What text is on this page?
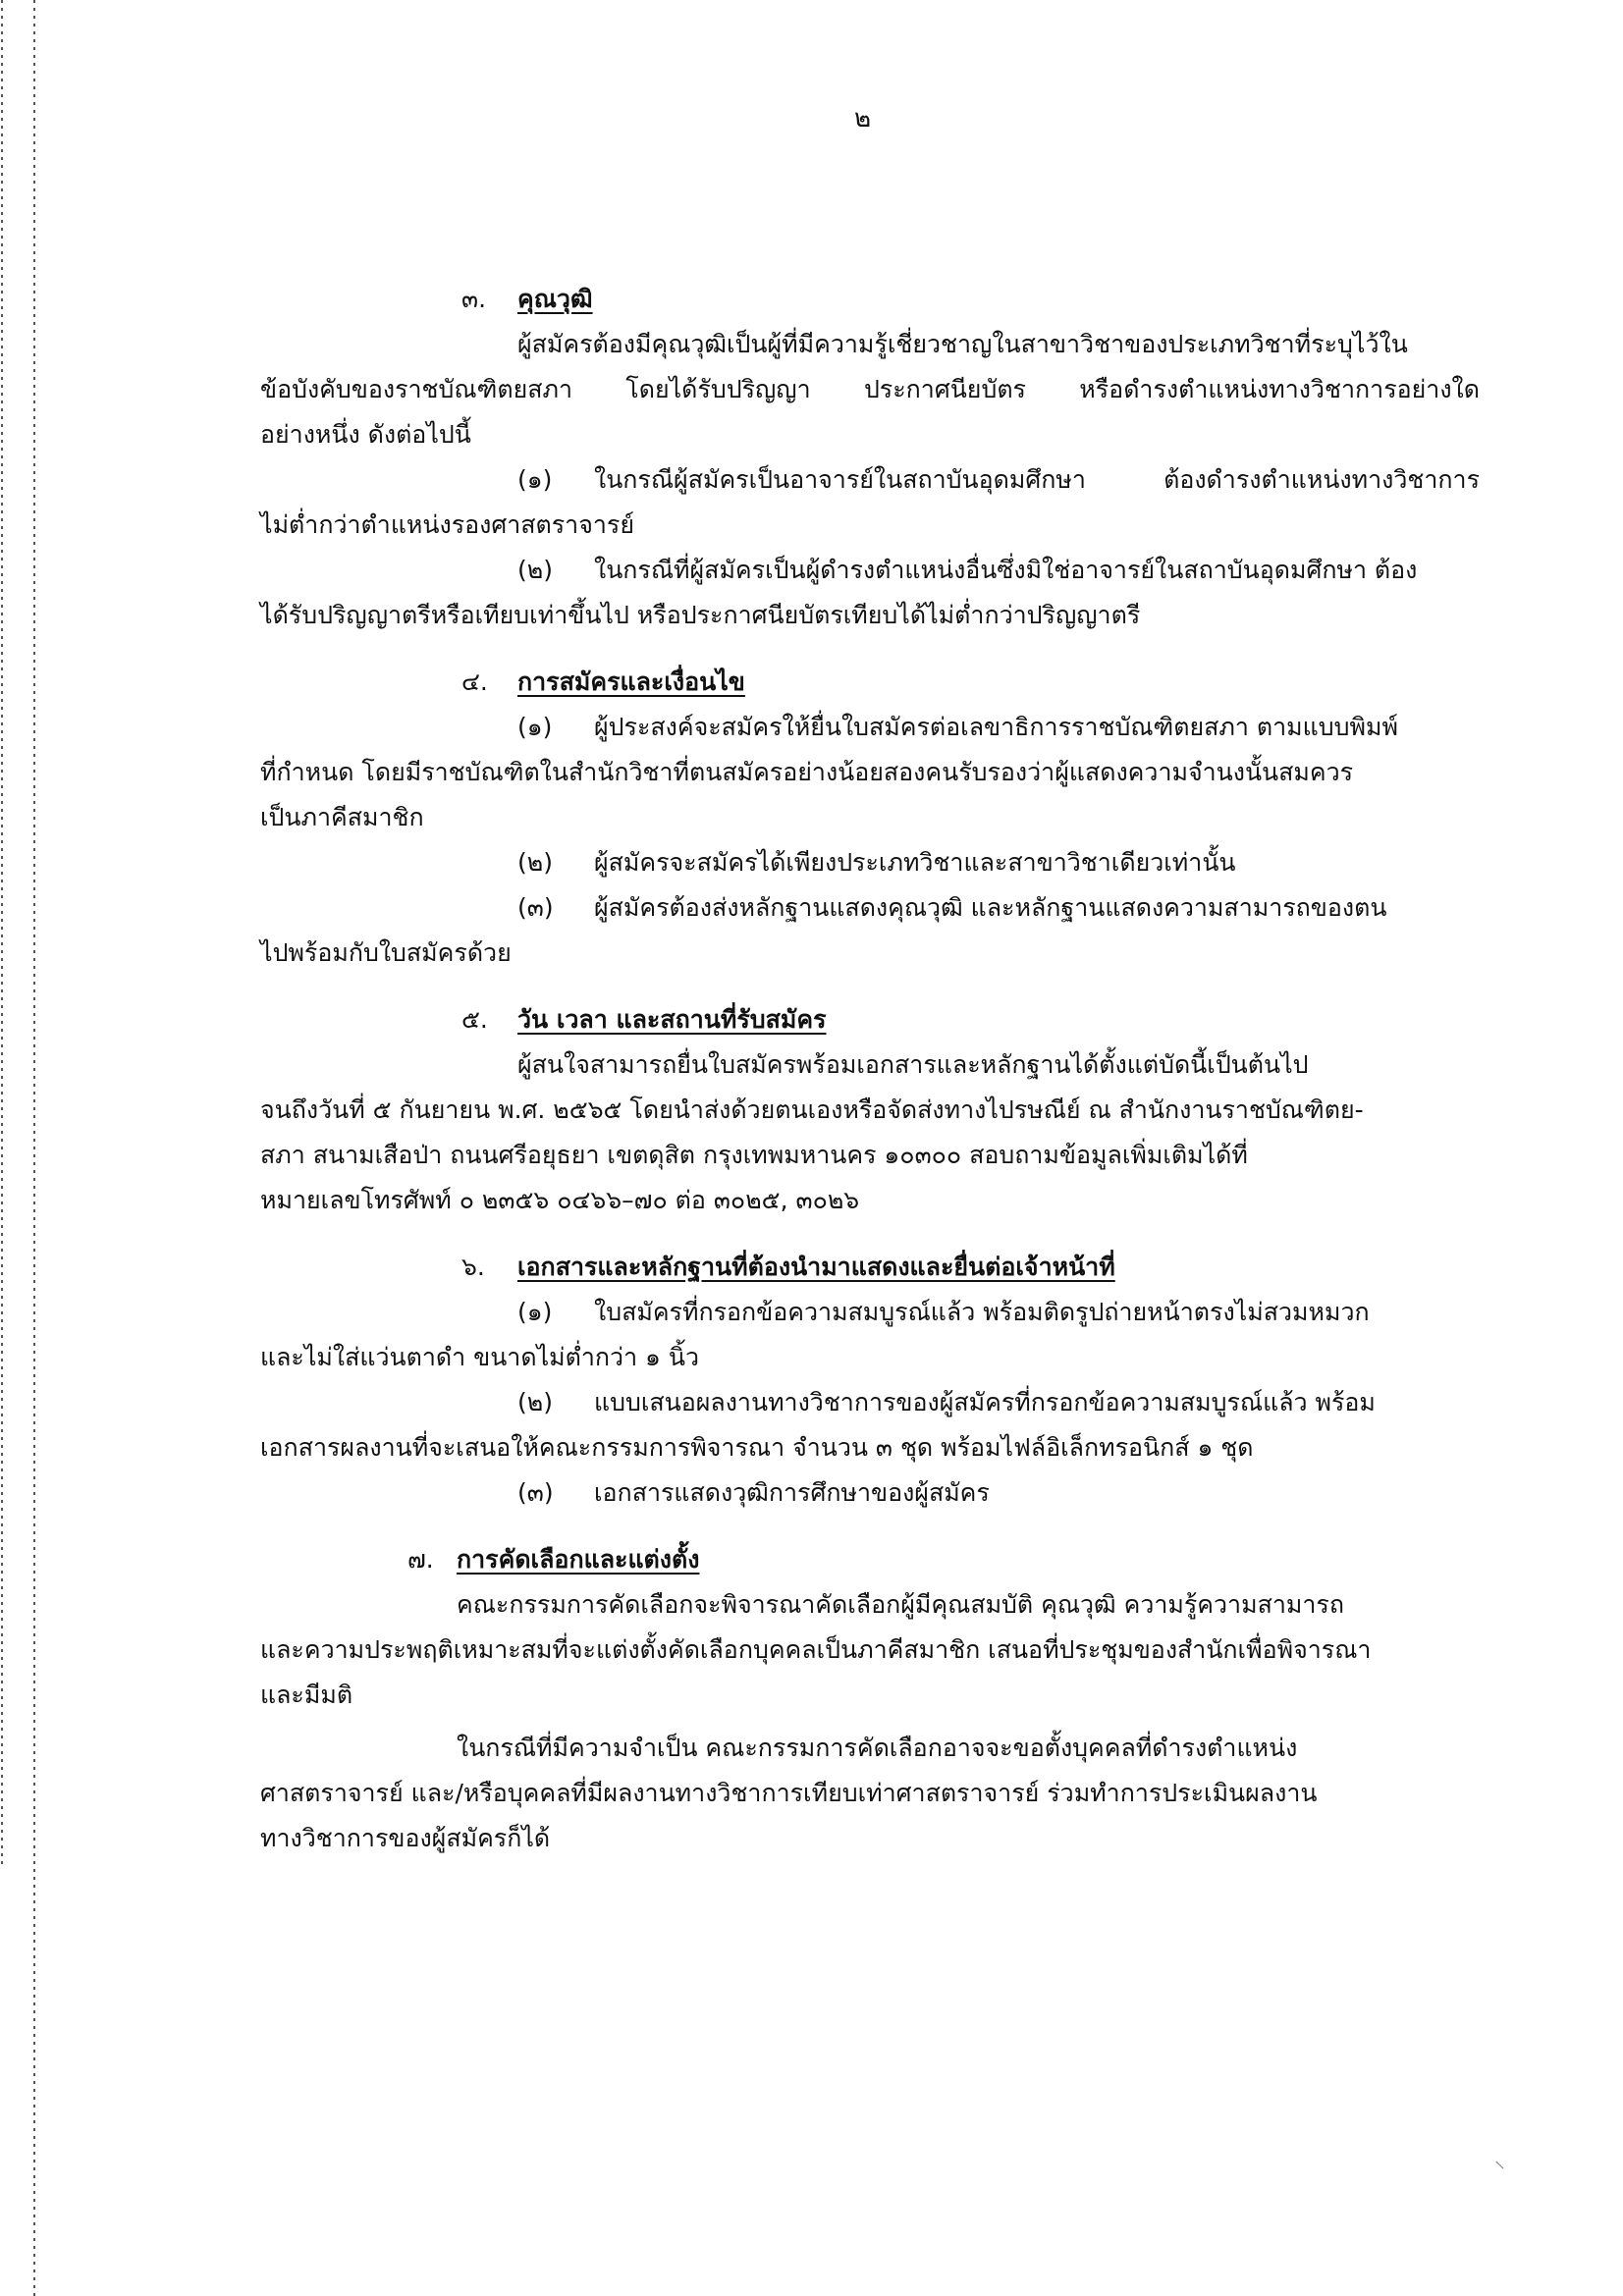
๒
๓. คุณวุฒิ
ผู้สมัครต้องมีคุณวุฒิเป็นผู้ที่มีความรู้เชี่ยวชาญในสาขาวิชาของประเภทวิชาที่ระบุไว้ใน
ข้อบังคับของราชบัณฑิตยสภา โดยได้รับปริญญา ประกาศนียบัตร หรือดำรงตำแหน่งทางวิชาการอย่างใด
อย่างหนึ่ง ดังต่อไปนี้
(๑) ในกรณีผู้สมัครเป็นอาจารย์ในสถาบันอุดมศึกษา ต้องดำรงตำแหน่งทางวิชาการ
ไม่ต่ำกว่าตำแหน่งรองศาสตราจารย์
(๒) ในกรณีที่ผู้สมัครเป็นผู้ดำรงตำแหน่งอื่นซึ่งมิใช่อาจารย์ในสถาบันอุดมศึกษา ต้อง
ได้รับปริญญาตรีหรือเทียบเท่าขึ้นไป หรือประกาศนียบัตรเทียบได้ไม่ต่ำกว่าปริญญาตรี
๔. การสมัครและเงื่อนไข
(๑) ผู้ประสงค์จะสมัครให้ยื่นใบสมัครต่อเลขาธิการราชบัณฑิตยสภา ตามแบบพิมพ์
ที่กำหนด โดยมีราชบัณฑิตในสำนักวิชาที่ตนสมัครอย่างน้อยสองคนรับรองว่าผู้แสดงความจำนงนั้นสมควร
เป็นภาคีสมาชิก
(๒) ผู้สมัครจะสมัครได้เพียงประเภทวิชาและสาขาวิชาเดียวเท่านั้น
(๓) ผู้สมัครต้องส่งหลักฐานแสดงคุณวุฒิ และหลักฐานแสดงความสามารถของตน
ไปพร้อมกับใบสมัครด้วย
๕. วัน เวลา และสถานที่รับสมัคร
ผู้สนใจสามารถยื่นใบสมัครพร้อมเอกสารและหลักฐานได้ตั้งแต่บัดนี้เป็นต้นไป
จนถึงวันที่ ๕ กันยายน พ.ศ. ๒๕๖๕ โดยนำส่งด้วยตนเองหรือจัดส่งทางไปรษณีย์ ณ สำนักงานราชบัณฑิตย-
สภา สนามเสือป่า ถนนศรีอยุธยา เขตดุสิต กรุงเทพมหานคร ๑๐๓๐๐ สอบถามข้อมูลเพิ่มเติมได้ที่
หมายเลขโทรศัพท์ ๐ ๒๓๕๖ ๐๔๖๖–๗๐ ต่อ ๓๐๒๕, ๓๐๒๖
๖. เอกสารและหลักฐานที่ต้องนำมาแสดงและยื่นต่อเจ้าหน้าที่
(๑) ใบสมัครที่กรอกข้อความสมบูรณ์แล้ว พร้อมติดรูปถ่ายหน้าตรงไม่สวมหมวก
และไม่ใส่แว่นตาดำ ขนาดไม่ต่ำกว่า ๑ นิ้ว
(๒) แบบเสนอผลงานทางวิชาการของผู้สมัครที่กรอกข้อความสมบูรณ์แล้ว พร้อม
เอกสารผลงานที่จะเสนอให้คณะกรรมการพิจารณา จำนวน ๓ ชุด พร้อมไฟล์อิเล็กทรอนิกส์ ๑ ชุด
(๓) เอกสารแสดงวุฒิการศึกษาของผู้สมัคร
๗. การคัดเลือกและแต่งตั้ง
คณะกรรมการคัดเลือกจะพิจารณาคัดเลือกผู้มีคุณสมบัติ คุณวุฒิ ความรู้ความสามารถ
และความประพฤติเหมาะสมที่จะแต่งตั้งคัดเลือกบุคคลเป็นภาคีสมาชิก เสนอที่ประชุมของสำนักเพื่อพิจารณา
และมีมติ
ในกรณีที่มีความจำเป็น คณะกรรมการคัดเลือกอาจจะขอตั้งบุคคลที่ดำรงตำแหน่ง
ศาสตราจารย์ และ/หรือบุคคลที่มีผลงานทางวิชาการเทียบเท่าศาสตราจารย์ ร่วมทำการประเมินผลงาน
ทางวิชาการของผู้สมัครก็ได้
⸜
